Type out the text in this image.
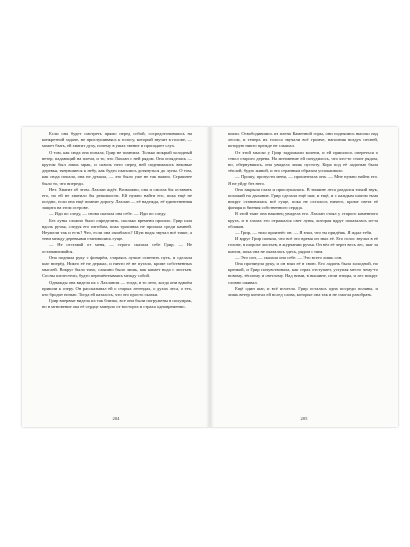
Если она будет смотреть прямо перед собой, сосредоточившись на конкретной задаче, не прислушиваясь к голосу, который звучит в голове, — может быть, ей хватит духу, почему в ушах звенит и пропадает слух.

О том, как сюда она попала, Грир не помнила. Только мокрый холодный ветер, падающий на плечи, и то, что Лахлан с ней рядом. Она огляделась — кругом был лишь мрак, и сквозь него перед ней поднимались вековые деревья, тянувшиеся к небу, как будто пытались дотянуться до луны. О том, как сюда попала, она не думала, — это было уже не так важно. Страшнее было то, что впереди.

Нет. Хватит об этом. Лахлан ждёт. Возможно, она и смогла бы оставить его, но ей не хватило бы решимости. Ей нужно найти его, пока ещё не поздно, если она ещё помнит дорогу. Лахлан — её надежда, её единственная защита на этом острове.

— Иди по следу, — снова сказала она себе. — Иди по следу.

Без луны сложно было определить, сколько времени прошло. Грир шла вдоль ручья, следуя его изгибам, пока тропинка не пропала среди камней. Неужели так и есть? Что, если она ошиблась? Шум воды звучал всё тише, а тени между деревьями становились гуще.

— Не отставай от меня, — строго сказала себе Грир. — Не останавливайся.

Она подняла руку с фонарём, стараясь лучше осветить путь, и сделала шаг вперёд. Никто её не держал, и ничто её не пугало, кроме собственных мыслей. Вокруг было тихо, слышно было лишь, как капает вода с листьев. Сосны шелестели, будто перешёптываясь между собой.

Однажды она видела их с Лахланом — тогда, в то лето, когда они вдвоём пришли к озеру. Он рассказывал ей о старых легендах, о духах леса, о тех, кто бродит ночью. Тогда ей казалось, что это просто сказки.

Грир впервые видела их так близко, все они были погружены в полумрак, но в мгновение ока её сердце замерло от восторга и страха одновременно.

204

шили. Освободившись из плена Каменной горы, они поднялись высоко над лесом, и теперь их голоса звучали всё громче, наполняя воздух песней, которую никто прежде не слышал.

От этой мысли у Грир задрожали колени, и ей пришлось опереться о ствол старого дерева. На мгновение ей почудилось, что кто-то стоит рядом, но, обернувшись, она увидела лишь пустоту. Кора под её ладонью была тёплой, будто живой, и это странным образом успокаивало.

— Прошу, пропусти меня, — прошептала она. — Мне нужно найти его. Я не уйду без него.

Она закрыла глаза и прислушалась. В тишине леса раздался тихий звук, похожий на дыхание. Грир сделала ещё шаг, и ещё, и с каждым шагом тьма вокруг становилась всё гуще, пока не осталось ничего, кроме света её фонаря и биения собственного сердца.

В этой тьме она наконец увидела его. Лахлан стоял у старого каменного круга, и в глазах его отражался свет луны, которая вдруг показалась из-за облаков.

— Грир, — тихо произнёс он. — Я знал, что ты придёшь. Я ждал тебя.

И вдруг Грир поняла, что всё это время он звал её. Его голос звучал в её голове, в шорохе листьев, в журчании ручья. Он вёл её через весь лес, шаг за шагом, пока она не оказалась здесь, рядом с ним.

— Это сон, — сказала она себе. — Это всего лишь сон.

Она протянула руку, и он взял её в свою. Его ладонь была холодной, но крепкой, и Грир почувствовала, как страх отступает, уступая место чему-то новому, тёплому и светлому. Над ними, в вышине, пели птицы, и лес вокруг словно оживал.

Ещё один шаг, и всё исчезло. Грир осталась одна посреди поляны, и лишь ветер шептал ей вслед слова, которые она так и не смогла разобрать.

205
